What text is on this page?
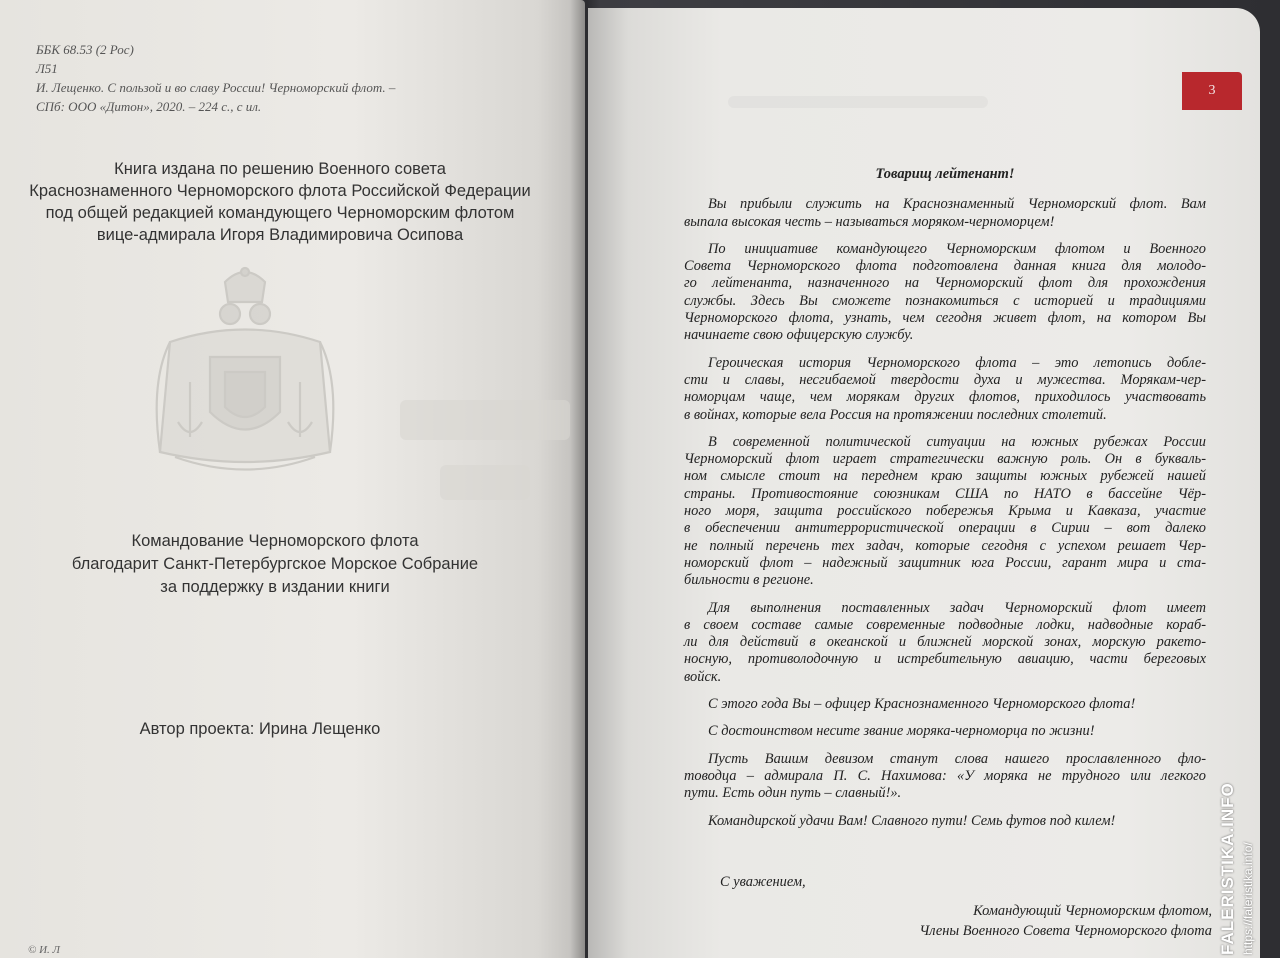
ББК 68.53 (2 Рос)
Л51
И. Лещенко. С пользой и во славу России! Черноморский флот. –
СПб: ООО «Дитон», 2020. – 224 с., с ил.
Книга издана по решению Военного совета
Краснознаменного Черноморского флота Российской Федерации
под общей редакцией командующего Черноморским флотом
вице-адмирала Игоря Владимировича Осипова
Командование Черноморского флота
благодарит Санкт-Петербургское Морское Собрание
за поддержку в издании книги
Автор проекта: Ирина Лещенко
© И. Л
3
Товарищ лейтенант!
Вы прибыли служить на Краснознаменный Черноморский флот. Вам
выпала высокая честь – называться моряком-черноморцем!
По инициативе командующего Черноморским флотом и Военного
Совета Черноморского флота подготовлена данная книга для молодо-
го лейтенанта, назначенного на Черноморский флот для прохождения
службы. Здесь Вы сможете познакомиться с историей и традициями
Черноморского флота, узнать, чем сегодня живет флот, на котором Вы
начинаете свою офицерскую службу.
Героическая история Черноморского флота – это летопись добле-
сти и славы, несгибаемой твердости духа и мужества. Морякам-чер-
номорцам чаще, чем морякам других флотов, приходилось участвовать
в войнах, которые вела Россия на протяжении последних столетий.
В современной политической ситуации на южных рубежах России
Черноморский флот играет стратегически важную роль. Он в букваль-
ном смысле стоит на переднем краю защиты южных рубежей нашей
страны. Противостояние союзникам США по НАТО в бассейне Чёр-
ного моря, защита российского побережья Крыма и Кавказа, участие
в обеспечении антитеррористической операции в Сирии – вот далеко
не полный перечень тех задач, которые сегодня с успехом решает Чер-
номорский флот – надежный защитник юга России, гарант мира и ста-
бильности в регионе.
Для выполнения поставленных задач Черноморский флот имеет
в своем составе самые современные подводные лодки, надводные кораб-
ли для действий в океанской и ближней морской зонах, морскую ракето-
носную, противолодочную и истребительную авиацию, части береговых
войск.
С этого года Вы – офицер Краснознаменного Черноморского флота!
С достоинством несите звание моряка-черноморца по жизни!
Пусть Вашим девизом станут слова нашего прославленного фло-
товодца – адмирала П. С. Нахимова: «У моряка не трудного или легкого
пути. Есть один путь – славный!».
Командирской удачи Вам! Славного пути! Семь футов под килем!
С уважением,
Командующий Черноморским флотом,
Члены Военного Совета Черноморского флота FALERISTIKA.INFO https://faleristika.info/
